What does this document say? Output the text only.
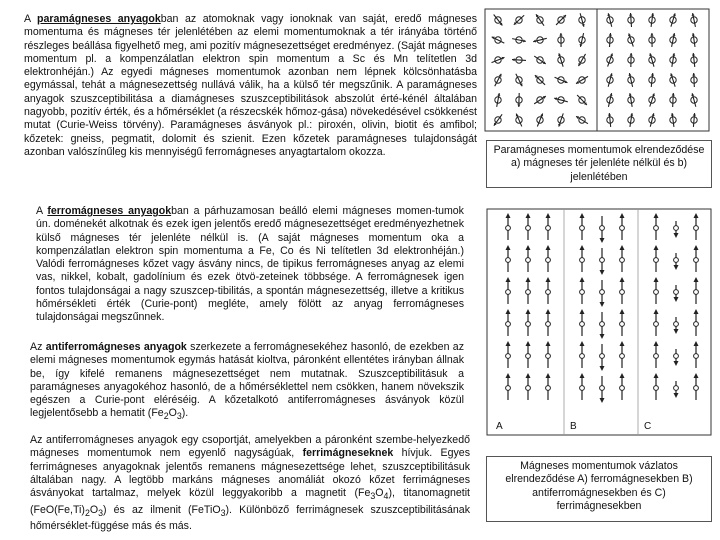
A paramágneses anyagokban az atomoknak vagy ionoknak van saját, eredő mágneses momentuma és mágneses tér jelenlétében az elemi momentumoknak a tér irányába történő részleges beállása figyelhető meg, ami pozitív mágnesezettséget eredményez. (Saját mágneses momentum pl. a kompenzálatlan elektron spin momentum a Sc és Mn telítetlen 3d elektronhéján.) Az egyedi mágneses momentumok azonban nem lépnek kölcsönhatásba egymással, tehát a mágnesezettség nullává válik, ha a külső tér megszűnik. A paramágneses anyagok szuszceptibilitása a diamágneses szuszceptibilitások abszolút érté-kénél általában nagyobb, pozitív érték, és a hőmérséklet (a részecskék hőmoz-gása) növekedésével csökkenést mutat (Curie-Weiss törvény). Paramágneses ásványok pl.: piroxén, olivin, biotit és amfibol; kőzetek: gneiss, pegmatit, dolomit és szienit. Ezen kőzetek paramágneses tulajdonságát azonban valószínűleg kis mennyiségű ferromágneses anyagtartalom okozza.

A ferromágneses anyagokban a párhuzamosan beálló elemi mágneses momen-tumok ún. doménekét alkotnak és ezek igen jelentős eredő mágnesezettséget eredményezhetnek külső mágneses tér jelenléte nélkül is. (A saját mágneses momentum oka a kompenzálatlan elektron spin momentuma a Fe, Co és Ni telítetlen 3d elektronhéján.) Valódi ferromágneses kőzet vagy ásvány nincs, de tipikus ferromágneses anyag az elemi vas, nikkel, kobalt, gadolínium és ezek ötvö-zeteinek többsége. A ferromágnesek igen fontos tulajdonságai a nagy szuszcep-tibilitás, a spontán mágnesezettség, illetve a kritikus hőmérsékleti érték (Curie-pont) megléte, amely fölött az anyag ferromágneses tulajdonságai megszűnnek.

Az antiferromágneses anyagok szerkezete a ferromágnesekéhez hasonló, de ezekben az elemi mágneses momentumok egymás hatását kioltva, páronként ellentétes irányban állnak be, így kifelé remanens mágnesezettséget nem mutatnak. Szuszceptibilitásuk a paramágneses anyagokéhoz hasonló, de a hőmérséklettel nem csökken, hanem növekszik egészen a Curie-pont eléréséig. A kőzetalkotó antiferromágneses ásványok közül legjelentősebb a hematit $(Fe_2O_3)$.

Az antiferromágneses anyagok egy csoportját, amelyekben a páronként szembe-helyezkedő mágneses momentumok nem egyenlő nagyságúak, ferrimágneseknek hívjuk. Egyes ferrimágneses anyagoknak jelentős remanens mágnesezettsége lehet, szuszceptibilitásuk általában nagy. A legtöbb markáns mágneses anomáliát okozó kőzet ferrimágneses ásványokat tartalmaz, melyek közül leggyakoribb a magnetit $(Fe_3O_4)$, titanomagnetit $(FeO(Fe,Ti)_2O_3)$ és az ilmenit (FeTiO$_3$). Különböző ferrimágnesek szuszceptibilitásának hőmérséklet-függése más és más.

Paramágneses momentumok elrendeződése a) mágneses tér jelenléte nélkül és b) jelenlétében
A	B	C
Mágneses momentumok vázlatos elrendeződése A) ferromágnesekben B) antiferromágnesekben és C) ferrimágnesekben
